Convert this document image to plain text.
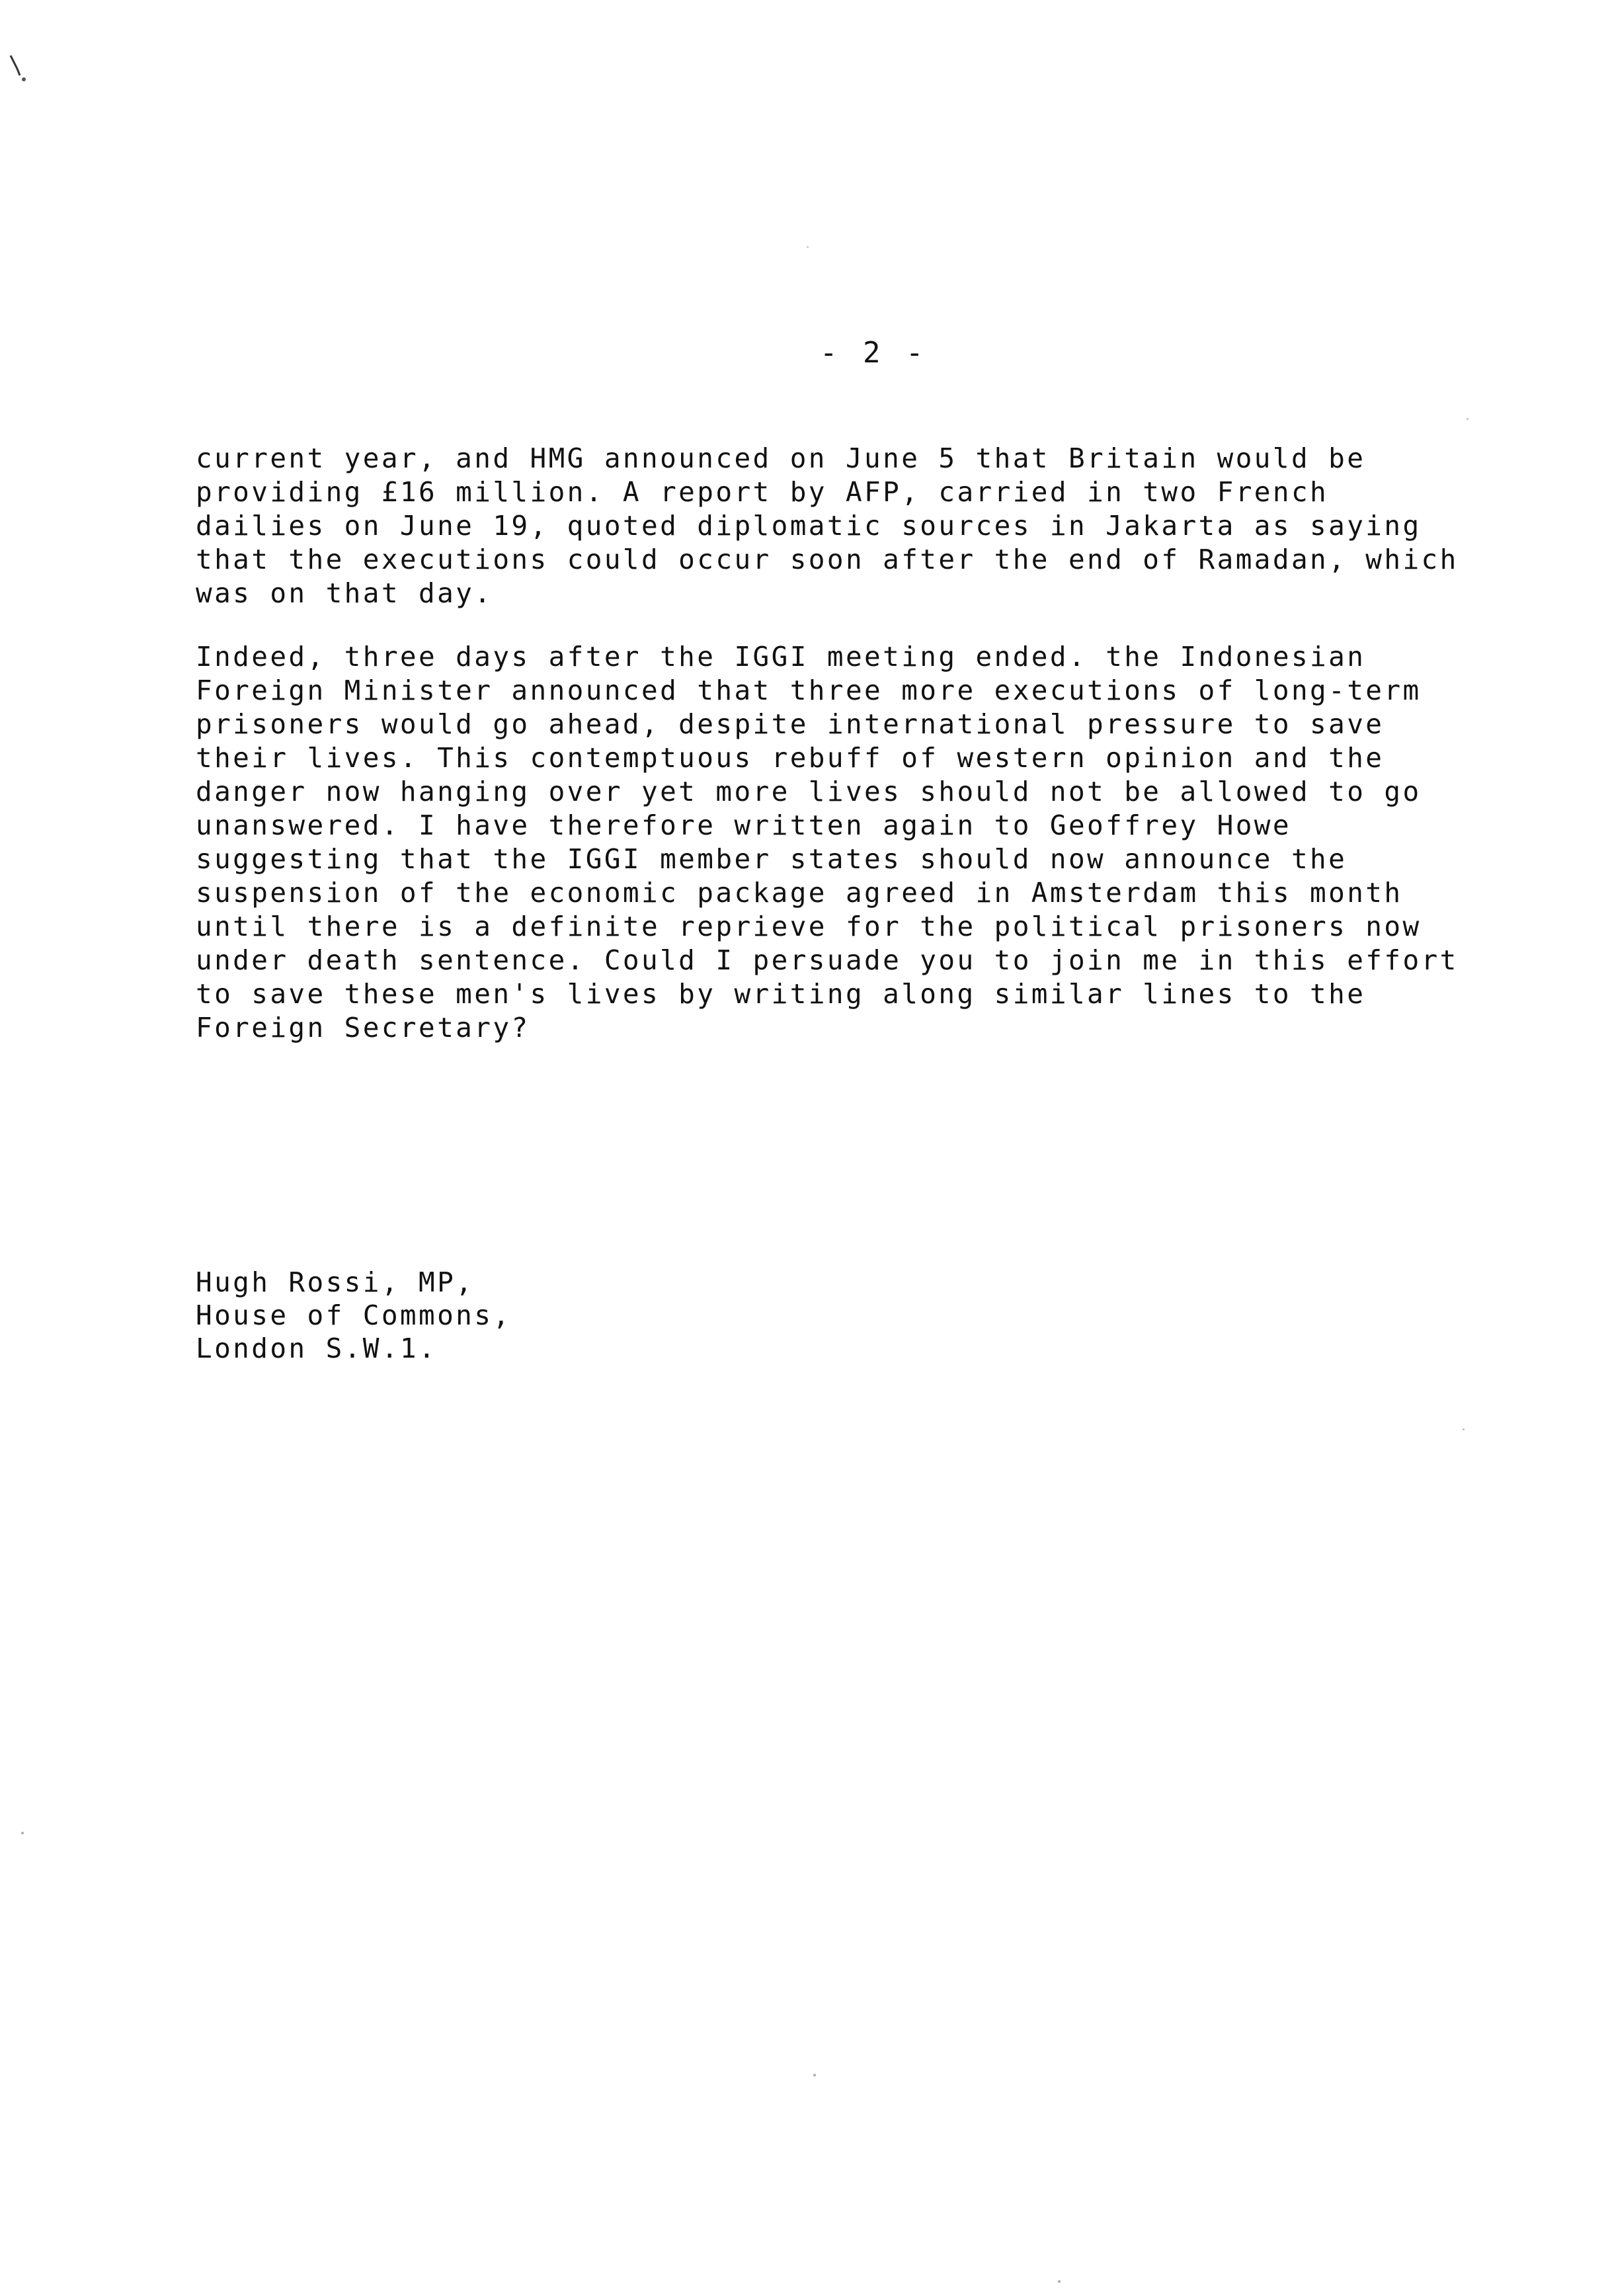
- 2 -
current year, and HMG announced on June 5 that Britain would be
providing £16 million. A report by AFP, carried in two French
dailies on June 19, quoted diplomatic sources in Jakarta as saying
that the executions could occur soon after the end of Ramadan, which
was on that day.
Indeed, three days after the IGGI meeting ended. the Indonesian
Foreign Minister announced that three more executions of long-term
prisoners would go ahead, despite international pressure to save
their lives. This contemptuous rebuff of western opinion and the
danger now hanging over yet more lives should not be allowed to go
unanswered. I have therefore written again to Geoffrey Howe
suggesting that the IGGI member states should now announce the
suspension of the economic package agreed in Amsterdam this month
until there is a definite reprieve for the political prisoners now
under death sentence. Could I persuade you to join me in this effort
to save these men's lives by writing along similar lines to the
Foreign Secretary?
Hugh Rossi, MP,
House of Commons,
London S.W.1.
